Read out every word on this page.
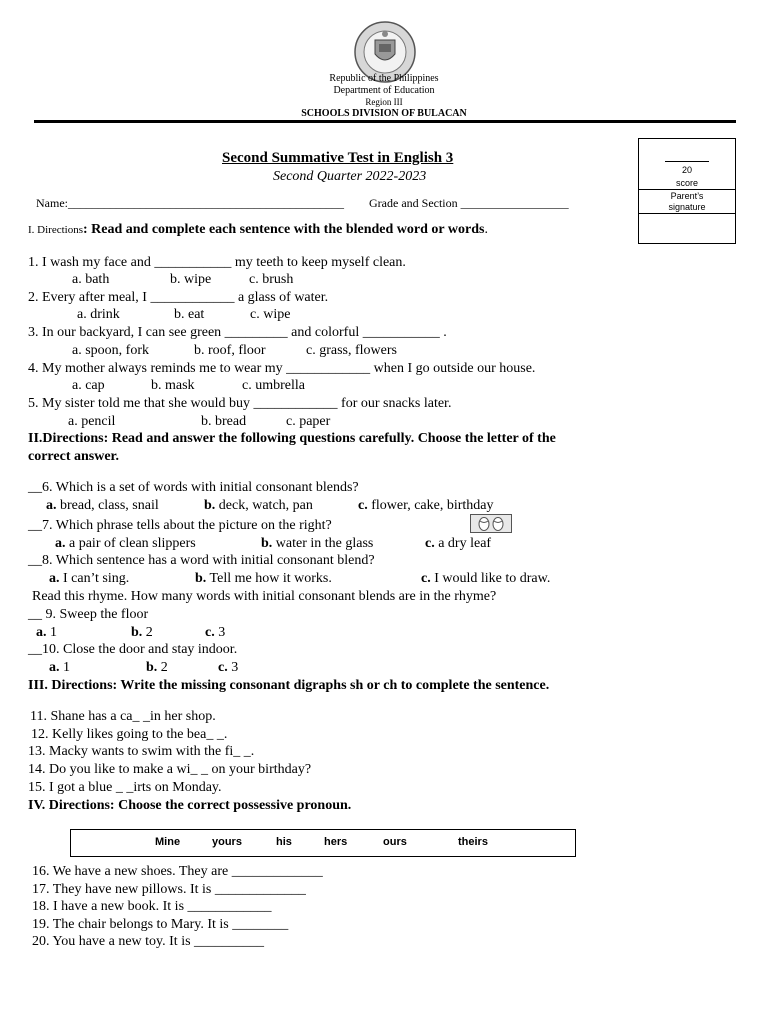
Republic of the Philippines
Department of Education
Region III
SCHOOLS DIVISION OF BULACAN
20
score
Parent’s
signature
Second Summative Test in English 3
Second Quarter 2022-2023
Name:______________________________________________ Grade and Section __________________
I. Directions: Read and complete each sentence with the blended word or words.
1. I wash my face and ___________ my teeth to keep myself clean.
a. bath	b. wipe	c. brush
2. Every after meal, I ____________ a glass of water.
a. drink	b. eat	c. wipe
3. In our backyard, I can see green _________ and colorful ___________ .
a. spoon, fork	b. roof, floor	c. grass, flowers
4. My mother always reminds me to wear my ____________ when I go outside our house.
a. cap	b. mask	c. umbrella
5. My sister told me that she would buy ____________ for our snacks later.
a. pencil	b. bread	c. paper
II.Directions: Read and answer the following questions carefully. Choose the letter of the
correct answer.
__6. Which is a set of words with initial consonant blends?
a. bread, class, snail	b. deck, watch, pan	c. flower, cake, birthday
__7. Which phrase tells about the picture on the right?
a. a pair of clean slippers	b. water in the glass	c. a dry leaf
__8. Which sentence has a word with initial consonant blend?
a. I can’t sing.	b. Tell me how it works.	c. I would like to draw.
Read this rhyme. How many words with initial consonant blends are in the rhyme?
__ 9. Sweep the floor
a. 1	b. 2	c. 3
__10. Close the door and stay indoor.
a. 1	b. 2	c. 3
III. Directions: Write the missing consonant digraphs sh or ch to complete the sentence.
11. Shane has a ca_ _in her shop.
12. Kelly likes going to the bea_ _.
13. Macky wants to swim with the fi_ _.
14. Do you like to make a wi_ _ on your birthday?
15. I got a blue _ _irts on Monday.
IV. Directions: Choose the correct possessive pronoun.
Mine	yours	his	hers	ours	theirs
16. We have a new shoes. They are _____________
17. They have new pillows. It is _____________
18. I have a new book. It is ____________
19. The chair belongs to Mary. It is ________
20. You have a new toy. It is __________
